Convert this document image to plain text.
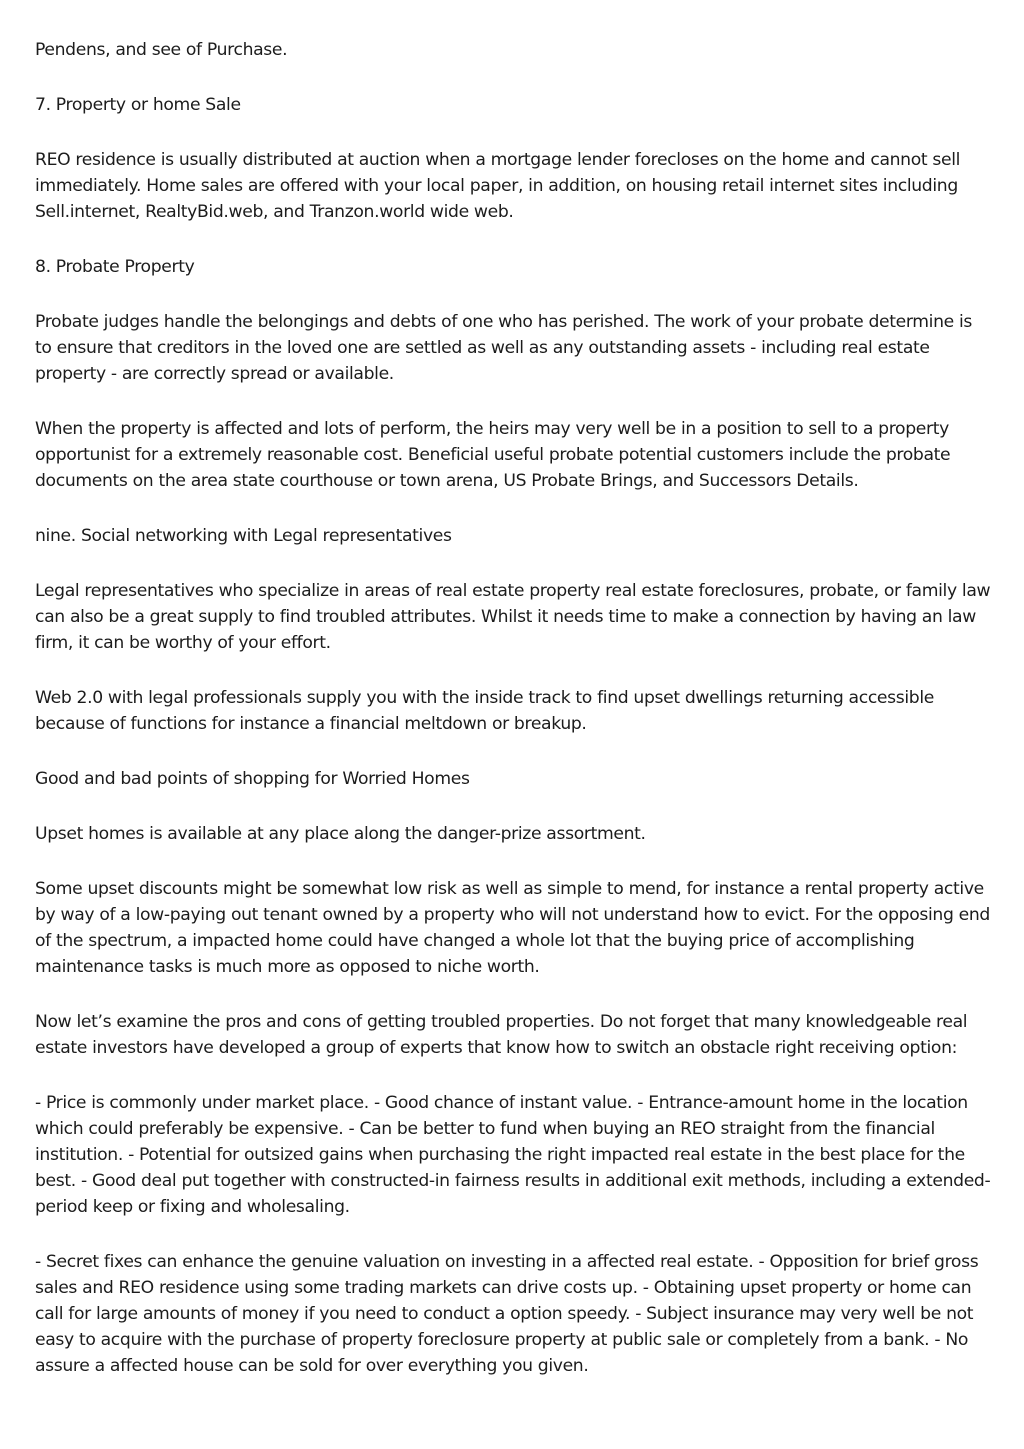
Pendens, and see of Purchase.

7. Property or home Sale

REO residence is usually distributed at auction when a mortgage lender forecloses on the home and cannot sell immediately. Home sales are offered with your local paper, in addition, on housing retail internet sites including Sell.internet, RealtyBid.web, and Tranzon.world wide web.

8. Probate Property

Probate judges handle the belongings and debts of one who has perished. The work of your probate determine is to ensure that creditors in the loved one are settled as well as any outstanding assets - including real estate property - are correctly spread or available.

When the property is affected and lots of perform, the heirs may very well be in a position to sell to a property opportunist for a extremely reasonable cost. Beneficial useful probate potential customers include the probate documents on the area state courthouse or town arena, US Probate Brings, and Successors Details.

nine. Social networking with Legal representatives

Legal representatives who specialize in areas of real estate property real estate foreclosures, probate, or family law can also be a great supply to find troubled attributes. Whilst it needs time to make a connection by having an law firm, it can be worthy of your effort.

Web 2.0 with legal professionals supply you with the inside track to find upset dwellings returning accessible because of functions for instance a financial meltdown or breakup.

Good and bad points of shopping for Worried Homes

Upset homes is available at any place along the danger-prize assortment.

Some upset discounts might be somewhat low risk as well as simple to mend, for instance a rental property active by way of a low-paying out tenant owned by a property who will not understand how to evict. For the opposing end of the spectrum, a impacted home could have changed a whole lot that the buying price of accomplishing maintenance tasks is much more as opposed to niche worth.

Now let’s examine the pros and cons of getting troubled properties. Do not forget that many knowledgeable real estate investors have developed a group of experts that know how to switch an obstacle right receiving option:

- Price is commonly under market place. - Good chance of instant value. - Entrance-amount home in the location which could preferably be expensive. - Can be better to fund when buying an REO straight from the financial institution. - Potential for outsized gains when purchasing the right impacted real estate in the best place for the best. - Good deal put together with constructed-in fairness results in additional exit methods, including a extended-period keep or fixing and wholesaling.

- Secret fixes can enhance the genuine valuation on investing in a affected real estate. - Opposition for brief gross sales and REO residence using some trading markets can drive costs up. - Obtaining upset property or home can call for large amounts of money if you need to conduct a option speedy. - Subject insurance may very well be not easy to acquire with the purchase of property foreclosure property at public sale or completely from a bank. - No assure a affected house can be sold for over everything you given.
